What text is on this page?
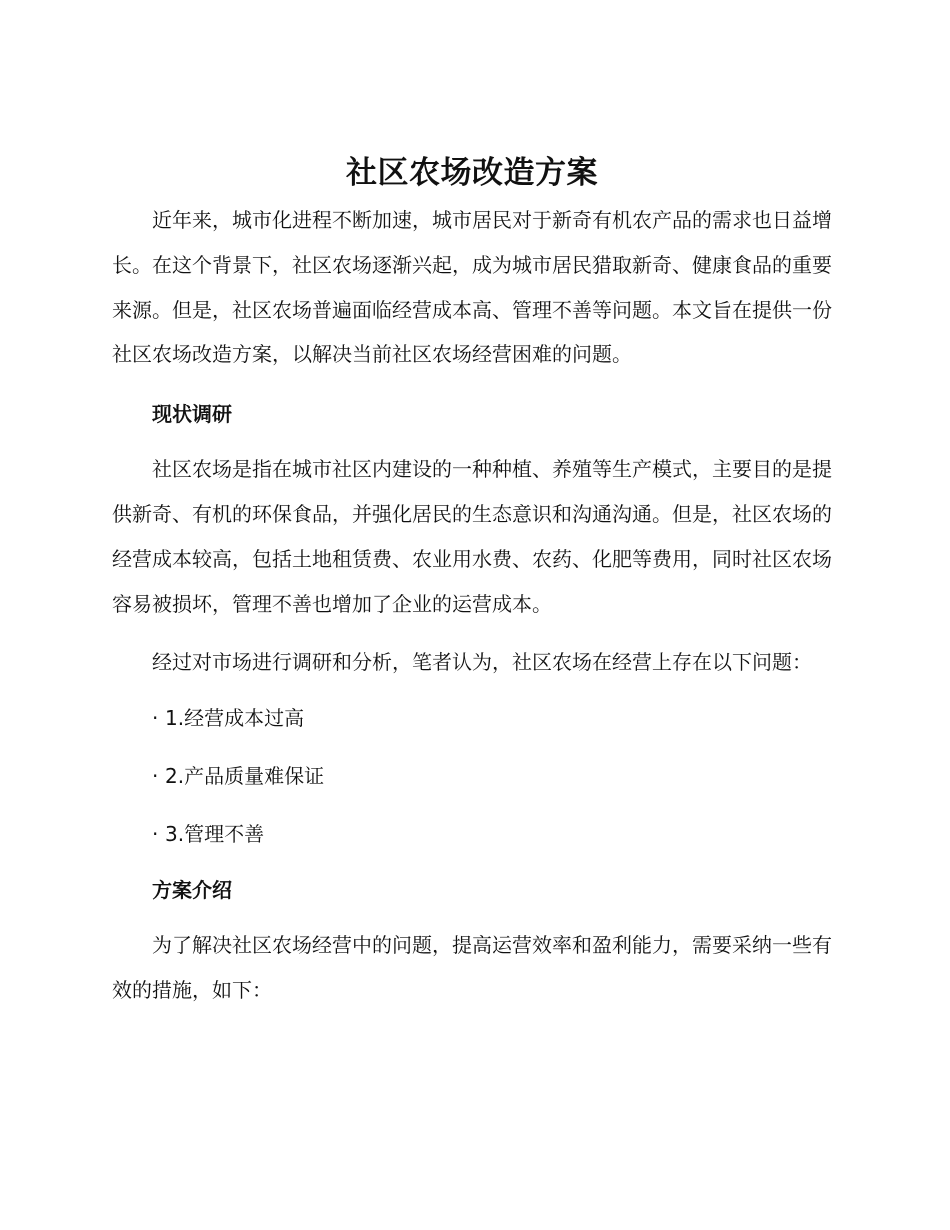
社区农场改造方案

近年来，城市化进程不断加速，城市居民对于新奇有机农产品的需求也日益增长。在这个背景下，社区农场逐渐兴起，成为城市居民猎取新奇、健康食品的重要来源。但是，社区农场普遍面临经营成本高、管理不善等问题。本文旨在提供一份社区农场改造方案，以解决当前社区农场经营困难的问题。

现状调研

社区农场是指在城市社区内建设的一种种植、养殖等生产模式，主要目的是提供新奇、有机的环保食品，并强化居民的生态意识和沟通沟通。但是，社区农场的经营成本较高，包括土地租赁费、农业用水费、农药、化肥等费用，同时社区农场容易被损坏，管理不善也增加了企业的运营成本。

经过对市场进行调研和分析，笔者认为，社区农场在经营上存在以下问题：

· 1.经营成本过高
· 2.产品质量难保证
· 3.管理不善
方案介绍

为了解决社区农场经营中的问题，提高运营效率和盈利能力，需要采纳一些有效的措施，如下：
